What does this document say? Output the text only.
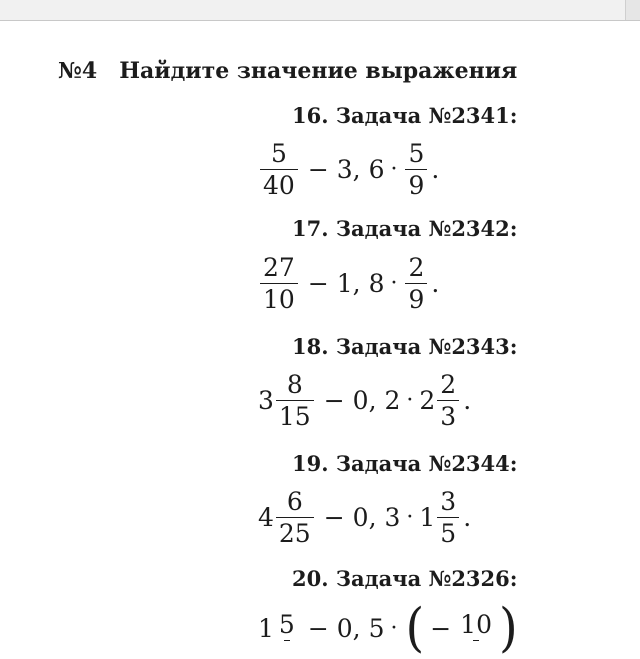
№4 Найдите значение выражения
16. Задача №2341:
$\frac{5}{40} - 3$, $6 \cdot \frac{5}{9}$ .
17. Задача №2342:
$\frac{27}{10} - 1$, $8 \cdot \frac{2}{9}$ .
18. Задача №2343:
$3 \frac{8}{15} - 0$, $2 \cdot 2 \frac{2}{3}$ .
19. Задача №2344:
$4 \frac{6}{25} - 0$, $3 \cdot 1 \frac{3}{5}$ .
20. Задача №2326:
1 5 − 0, 5 · ( − 10 )
